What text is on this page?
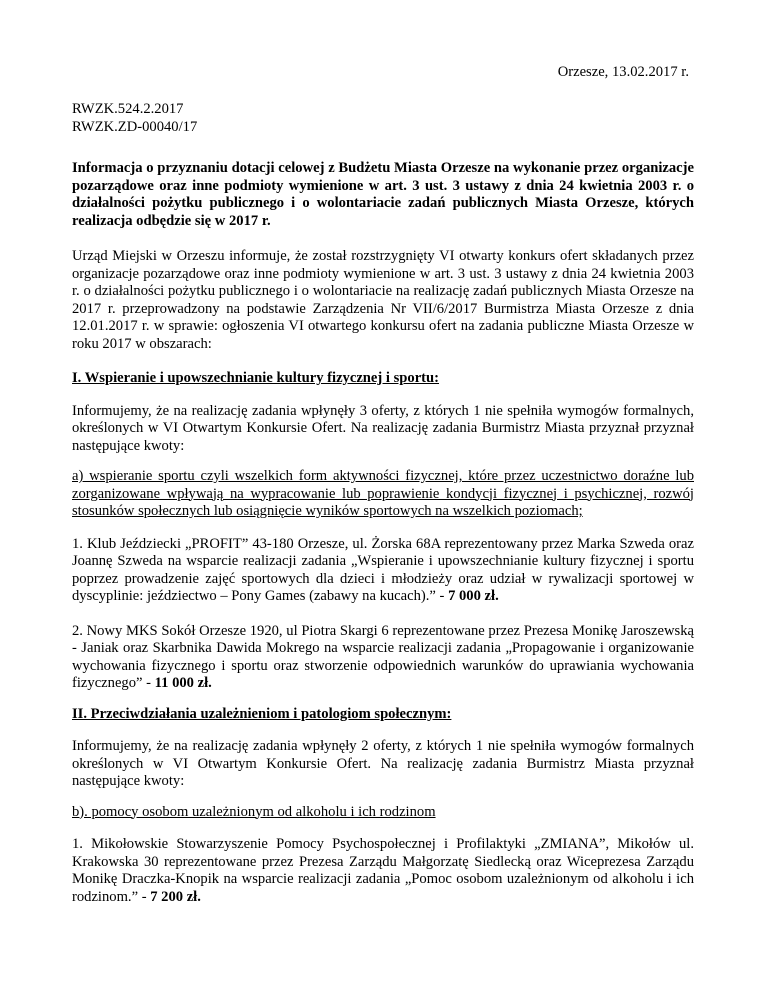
Orzesze, 13.02.2017 r.
RWZK.524.2.2017
RWZK.ZD-00040/17

Informacja o przyznaniu dotacji celowej z Budżetu Miasta Orzesze na wykonanie przez organizacje pozarządowe oraz inne podmioty wymienione w art. 3 ust. 3 ustawy z dnia 24 kwietnia 2003 r. o działalności pożytku publicznego i o wolontariacie zadań publicznych Miasta Orzesze, których realizacja odbędzie się w 2017 r.

Urząd Miejski w Orzeszu informuje, że został rozstrzygnięty VI otwarty konkurs ofert składanych przez organizacje pozarządowe oraz inne podmioty wymienione w art. 3 ust. 3 ustawy z dnia 24 kwietnia 2003 r. o działalności pożytku publicznego i o wolontariacie na realizację zadań publicznych Miasta Orzesze na 2017 r. przeprowadzony na podstawie Zarządzenia Nr VII/6/2017 Burmistrza Miasta Orzesze z dnia 12.01.2017 r. w sprawie: ogłoszenia VI otwartego konkursu ofert na zadania publiczne Miasta Orzesze w roku 2017 w obszarach:

I. Wspieranie i upowszechnianie kultury fizycznej i sportu:

Informujemy, że na realizację zadania wpłynęły 3 oferty, z których 1 nie spełniła wymogów formalnych, określonych w VI Otwartym Konkursie Ofert. Na realizację zadania Burmistrz Miasta przyznał przyznał następujące kwoty:

a) wspieranie sportu czyli wszelkich form aktywności fizycznej, które przez uczestnictwo doraźne lub zorganizowane wpływają na wypracowanie lub poprawienie kondycji fizycznej i psychicznej, rozwój stosunków społecznych lub osiągnięcie wyników sportowych na wszelkich poziomach;

1. Klub Jeździecki „PROFIT” 43-180 Orzesze, ul. Żorska 68A reprezentowany przez Marka Szweda oraz Joannę Szweda na wsparcie realizacji zadania „Wspieranie i upowszechnianie kultury fizycznej i sportu poprzez prowadzenie zajęć sportowych dla dzieci i młodzieży oraz udział w rywalizacji sportowej w dyscyplinie: jeździectwo – Pony Games (zabawy na kucach).” - 7 000 zł.

2. Nowy MKS Sokół Orzesze 1920, ul Piotra Skargi 6 reprezentowane przez Prezesa Monikę Jaroszewską - Janiak oraz Skarbnika Dawida Mokrego na wsparcie realizacji zadania „Propagowanie i organizowanie wychowania fizycznego i sportu oraz stworzenie odpowiednich warunków do uprawiania wychowania fizycznego” - 11 000 zł.

II. Przeciwdziałania uzależnieniom i patologiom społecznym:

Informujemy, że na realizację zadania wpłynęły 2 oferty, z których 1 nie spełniła wymogów formalnych określonych w VI Otwartym Konkursie Ofert. Na realizację zadania Burmistrz Miasta przyznał następujące kwoty:

b). pomocy osobom uzależnionym od alkoholu i ich rodzinom

1. Mikołowskie Stowarzyszenie Pomocy Psychospołecznej i Profilaktyki „ZMIANA”, Mikołów ul. Krakowska 30 reprezentowane przez Prezesa Zarządu Małgorzatę Siedlecką oraz Wiceprezesa Zarządu Monikę Draczka-Knopik na wsparcie realizacji zadania „Pomoc osobom uzależnionym od alkoholu i ich rodzinom.” - 7 200 zł.
